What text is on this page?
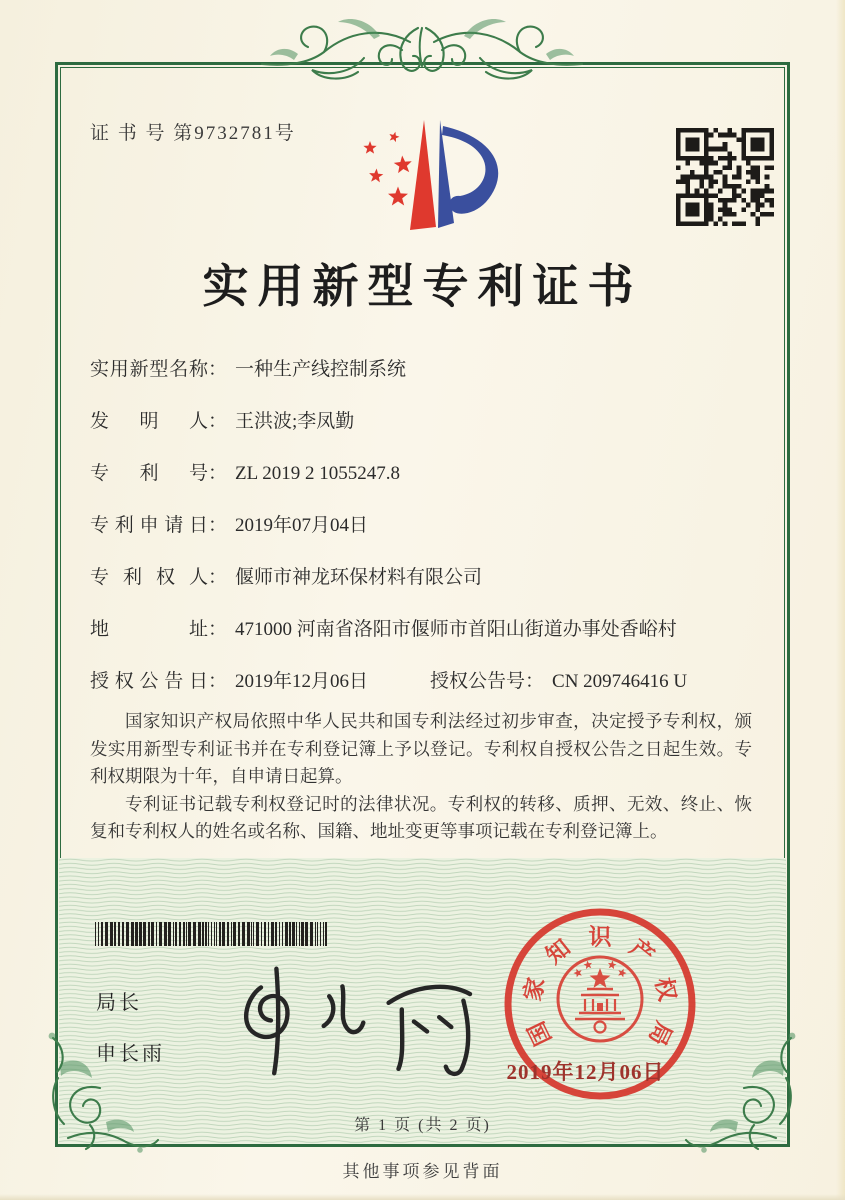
证 书 号 第9732781号
实用新型专利证书
实用新型名称： 一种生产线控制系统
发明人： 王洪波;李凤勤
专利号： ZL 2019 2 1055247.8
专利申请日： 2019年07月04日
专利权人： 偃师市神龙环保材料有限公司
地址： 471000 河南省洛阳市偃师市首阳山街道办事处香峪村
授权公告日： 2019年12月06日	授权公告号： CN 209746416 U

国家知识产权局依照中华人民共和国专利法经过初步审查，决定授予专利权，颁发实用新型专利证书并在专利登记簿上予以登记。专利权自授权公告之日起生效。专利权期限为十年，自申请日起算。

专利证书记载专利权登记时的法律状况。专利权的转移、质押、无效、终止、恢复和专利权人的姓名或名称、国籍、地址变更等事项记载在专利登记簿上。

局长
申长雨
国
家
知 识 产
权
局
2019年12月06日
第 1 页 (共 2 页)
其他事项参见背面
